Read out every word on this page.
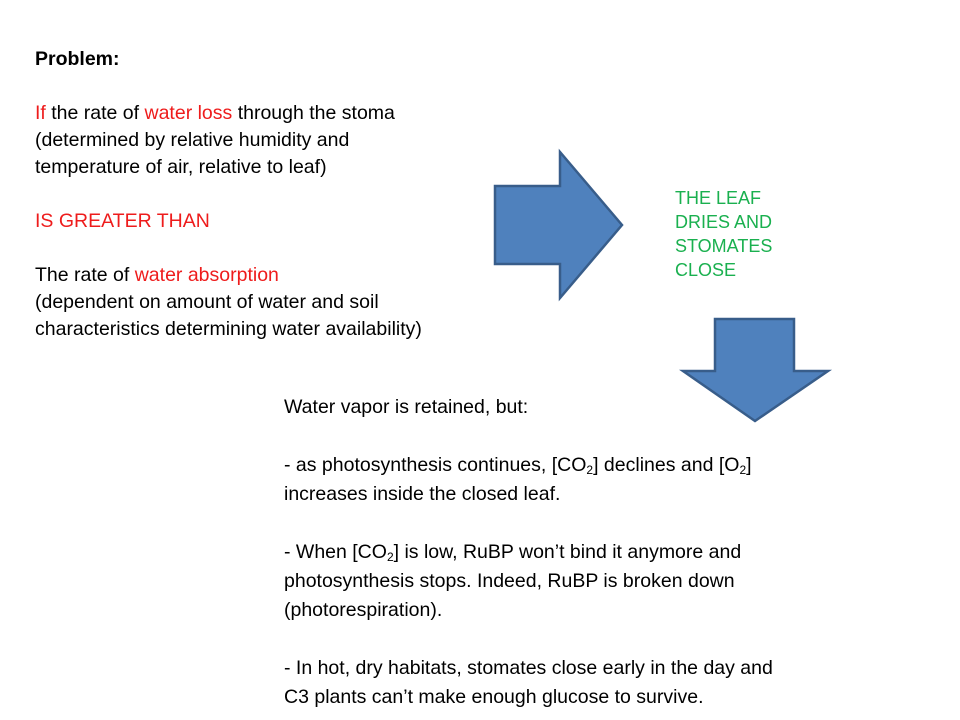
Problem:
If the rate of water loss through the stoma
(determined by relative humidity and
temperature of air, relative to leaf)
IS GREATER THAN
The rate of water absorption
(dependent on amount of water and soil
characteristics determining water availability)
THE LEAF
DRIES AND
STOMATES
CLOSE
Water vapor is retained, but:
- as photosynthesis continues, $[CO_2]$ declines and $[O_2]$
increases inside the closed leaf.
- When $[CO_2]$ is low, RuBP won’t bind it anymore and
photosynthesis stops. Indeed, RuBP is broken down
(photorespiration).
- In hot, dry habitats, stomates close early in the day and
C3 plants can’t make enough glucose to survive.
